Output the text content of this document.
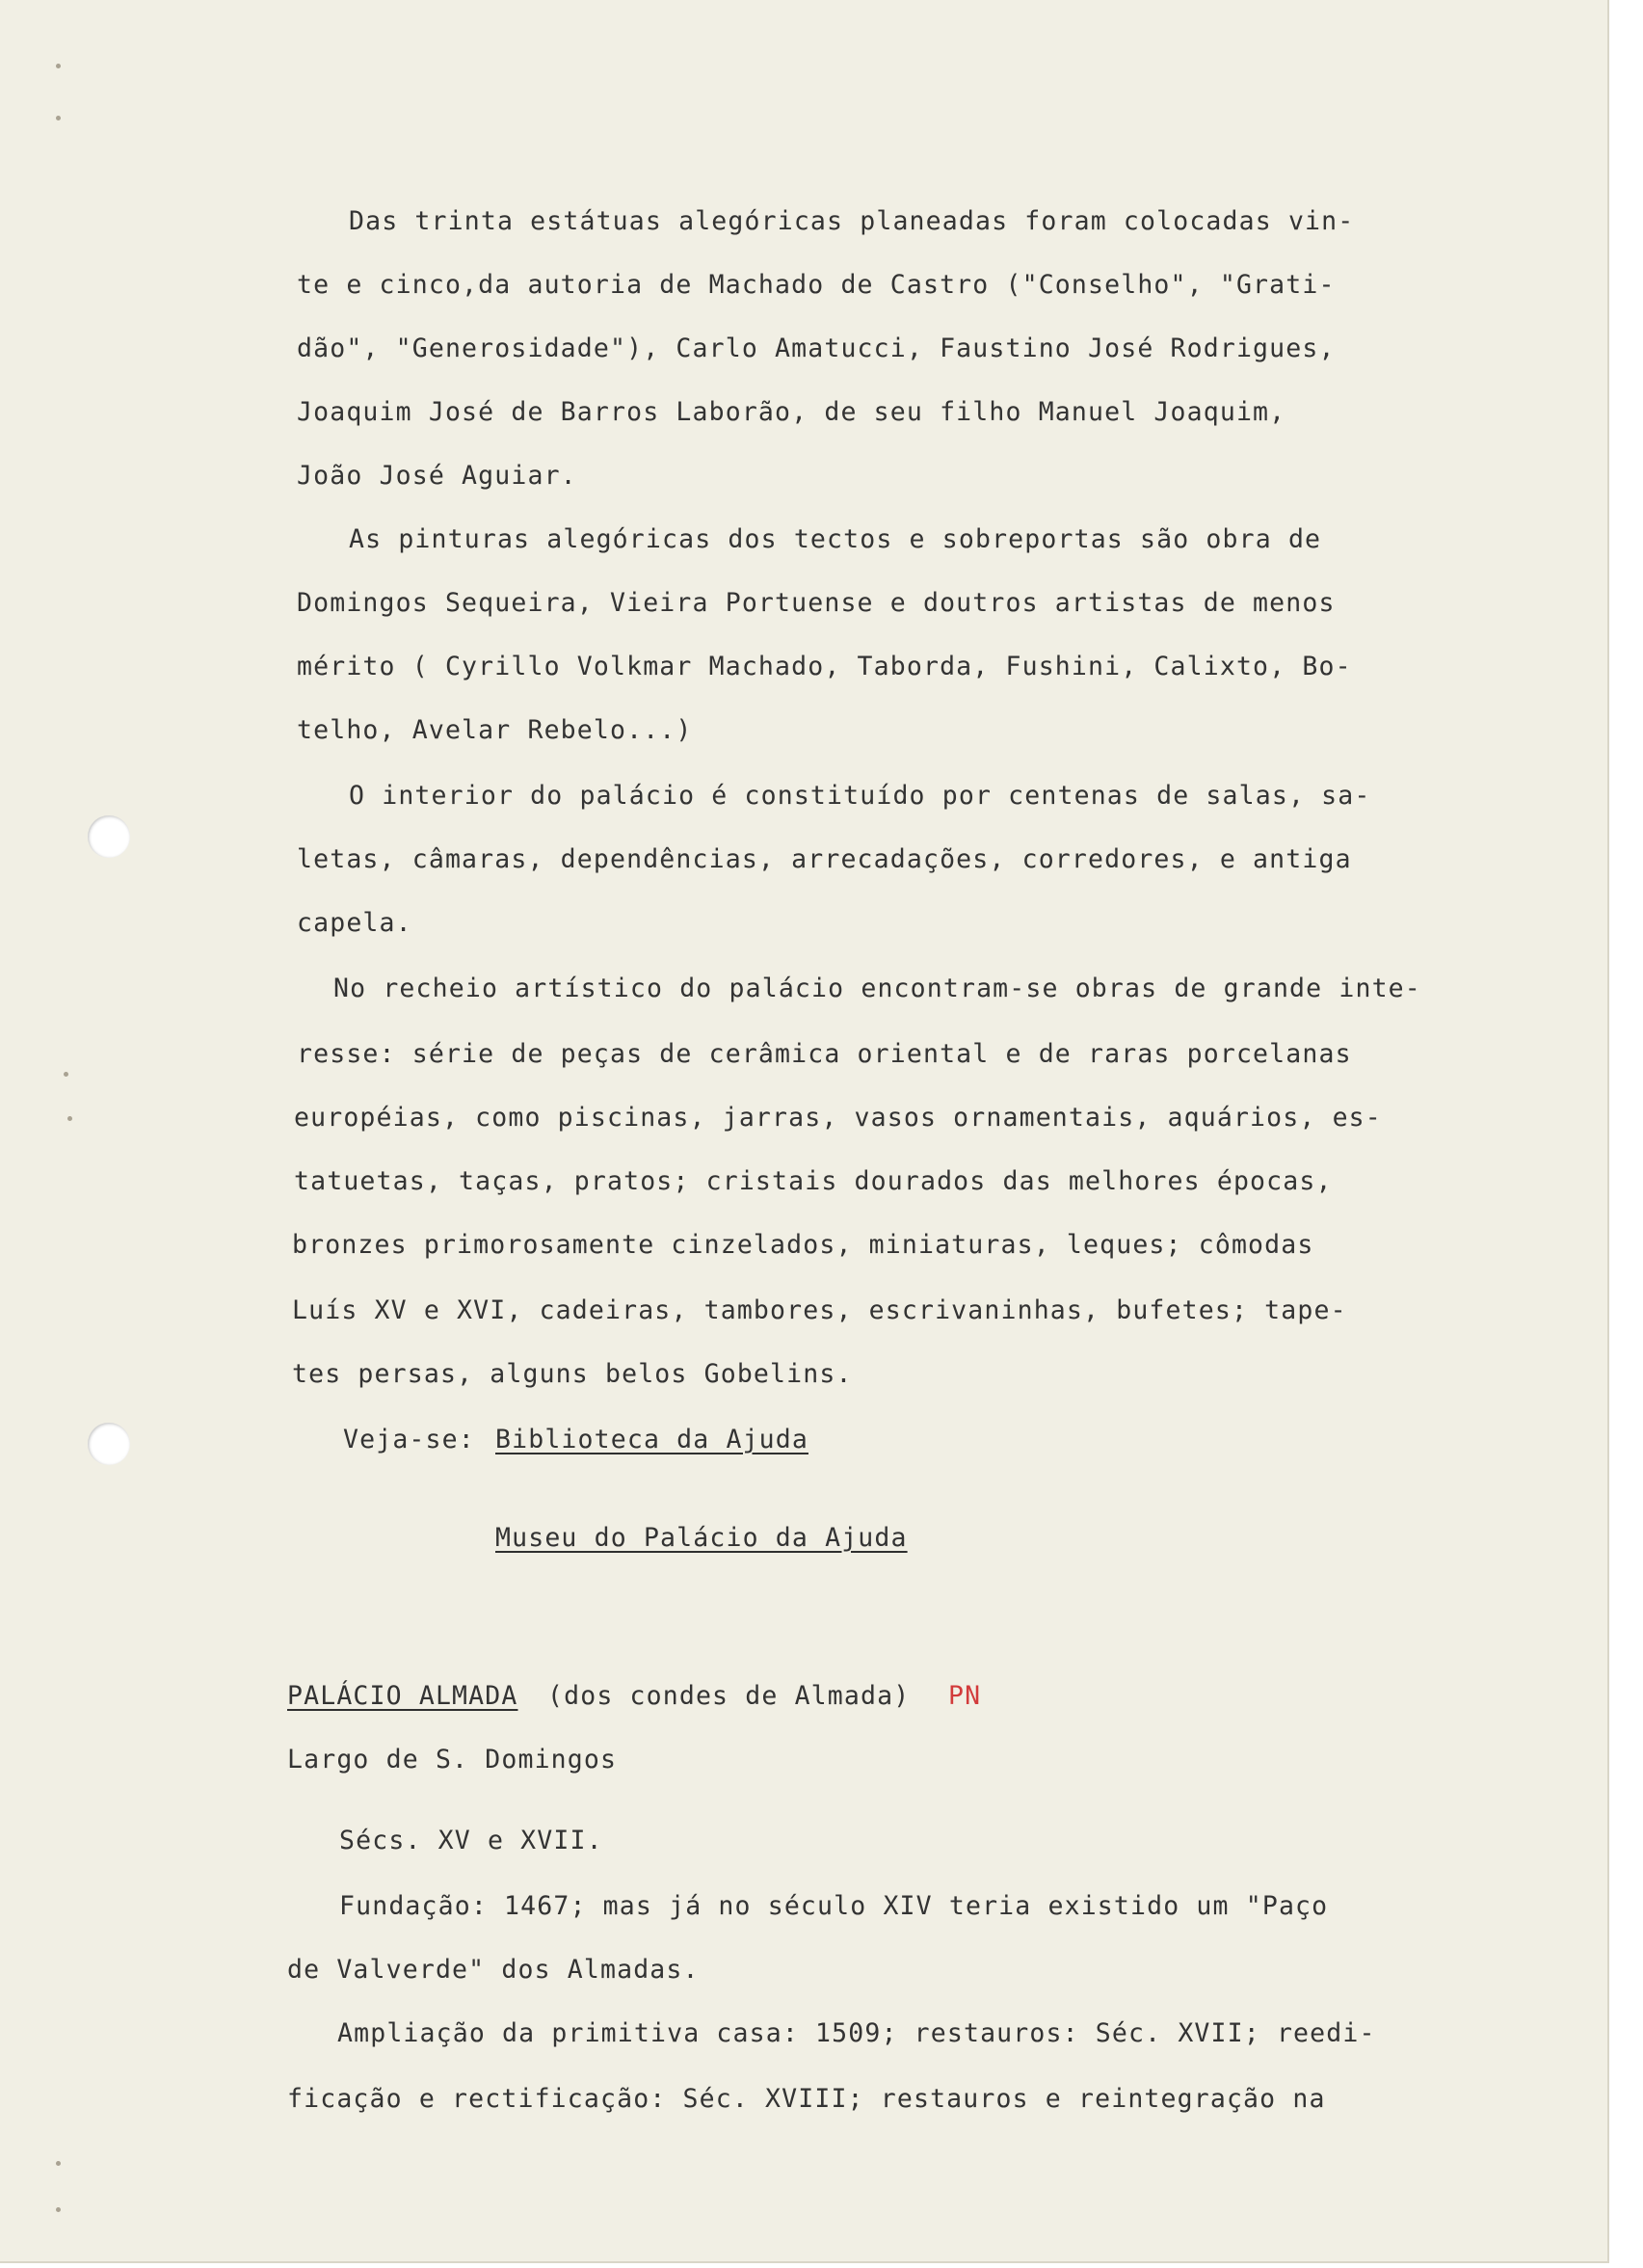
Das trinta estátuas alegóricas planeadas foram colocadas vin-
te e cinco,da autoria de Machado de Castro ("Conselho", "Grati-
dão", "Generosidade"), Carlo Amatucci, Faustino José Rodrigues,
Joaquim José de Barros Laborão, de seu filho Manuel Joaquim,
João José Aguiar.
As pinturas alegóricas dos tectos e sobreportas são obra de
Domingos Sequeira, Vieira Portuense e doutros artistas de menos
mérito ( Cyrillo Volkmar Machado, Taborda, Fushini, Calixto, Bo-
telho, Avelar Rebelo...)
O interior do palácio é constituído por centenas de salas, sa-
letas, câmaras, dependências, arrecadações, corredores, e antiga
capela.
No recheio artístico do palácio encontram-se obras de grande inte-
resse: série de peças de cerâmica oriental e de raras porcelanas
européias, como piscinas, jarras, vasos ornamentais, aquários, es-
tatuetas, taças, pratos; cristais dourados das melhores épocas,
bronzes primorosamente cinzelados, miniaturas, leques; cômodas
Luís XV e XVI, cadeiras, tambores, escrivaninhas, bufetes; tape-
tes persas, alguns belos Gobelins.
Veja-se: Biblioteca da Ajuda
Museu do Palácio da Ajuda
PALÁCIO ALMADA (dos condes de Almada) PN
Largo de S. Domingos
Sécs. XV e XVII.
Fundação: 1467; mas já no século XIV teria existido um "Paço
de Valverde" dos Almadas.
Ampliação da primitiva casa: 1509; restauros: Séc. XVII; reedi-
ficação e rectificação: Séc. XVIII; restauros e reintegração na
